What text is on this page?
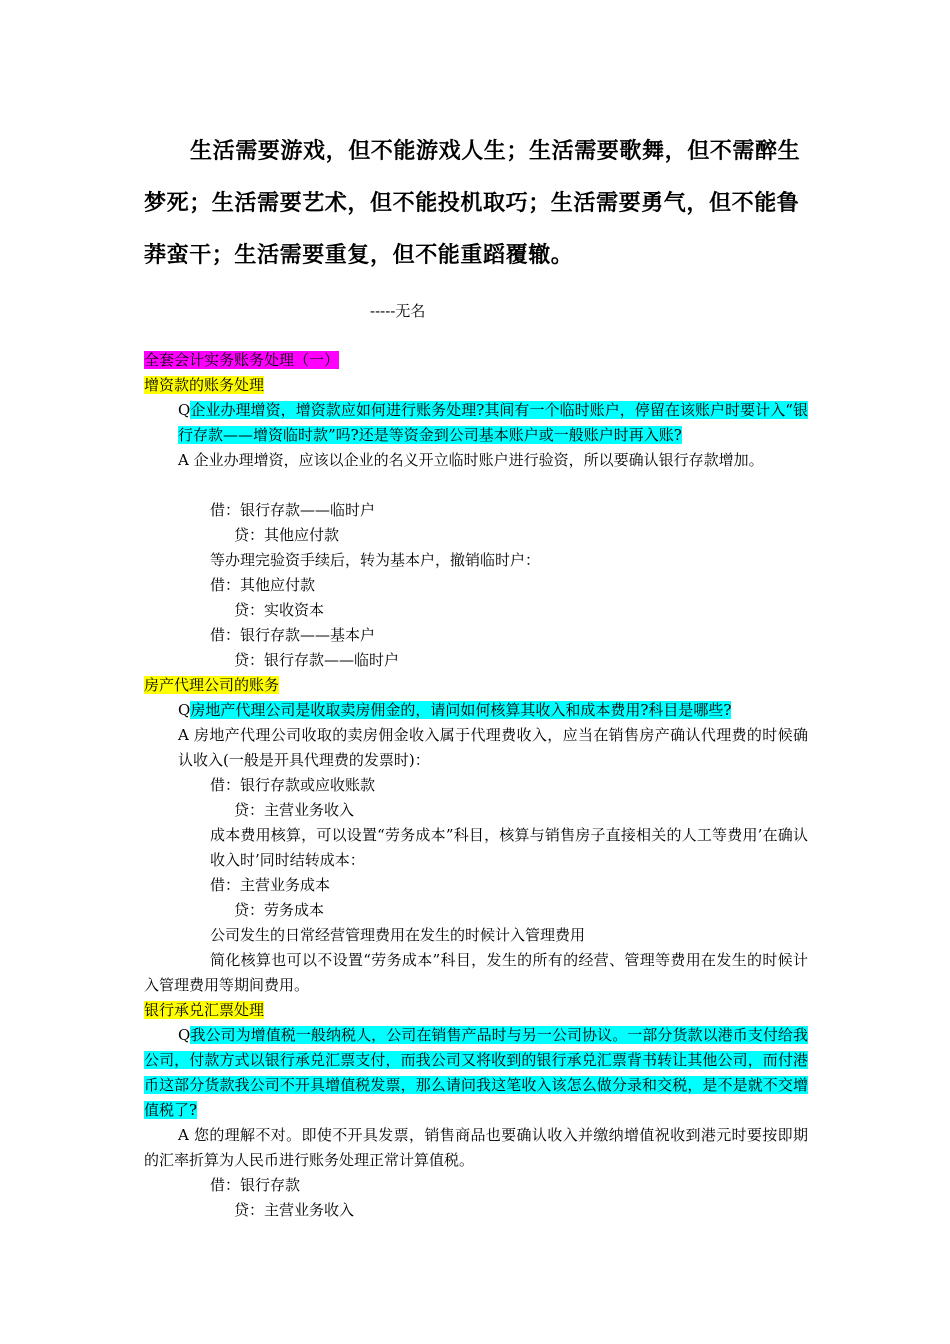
生活需要游戏，但不能游戏人生；生活需要歌舞，但不需醉生梦死；生活需要艺术，但不能投机取巧；生活需要勇气，但不能鲁莽蛮干；生活需要重复，但不能重蹈覆辙。
-----无名
全套会计实务账务处理（一）
增资款的账务处理
Q企业办理增资，增资款应如何进行账务处理?其间有一个临时账户，停留在该账户时要计入“银行存款——增资临时款”吗?还是等资金到公司基本账户或一般账户时再入账?
A 企业办理增资，应该以企业的名义开立临时账户进行验资，所以要确认银行存款增加。
借：银行存款——临时户
贷：其他应付款
等办理完验资手续后，转为基本户，撤销临时户：
借：其他应付款
贷：实收资本
借：银行存款——基本户
贷：银行存款——临时户
房产代理公司的账务
Q房地产代理公司是收取卖房佣金的，请问如何核算其收入和成本费用?科目是哪些?
A 房地产代理公司收取的卖房佣金收入属于代理费收入，应当在销售房产确认代理费的时候确认收入(一般是开具代理费的发票时)：
借：银行存款或应收账款
贷：主营业务收入
成本费用核算，可以设置“劳务成本”科目，核算与销售房子直接相关的人工等费用’在确认收入时’同时结转成本：
借：主营业务成本
贷：劳务成本
公司发生的日常经营管理费用在发生的时候计入管理费用
简化核算也可以不设置“劳务成本”科目，发生的所有的经营、管理等费用在发生的时候计入管理费用等期间费用。
银行承兑汇票处理
Q我公司为增值税一般纳税人，公司在销售产品时与另一公司协议。一部分货款以港币支付给我公司，付款方式以银行承兑汇票支付，而我公司又将收到的银行承兑汇票背书转让其他公司，而付港币这部分货款我公司不开具增值税发票，那么请问我这笔收入该怎么做分录和交税，是不是就不交增值税了?
A 您的理解不对。即使不开具发票，销售商品也要确认收入并缴纳增值祝收到港元时要按即期的汇率折算为人民币进行账务处理正常计算值税。
借：银行存款
贷：主营业务收入
